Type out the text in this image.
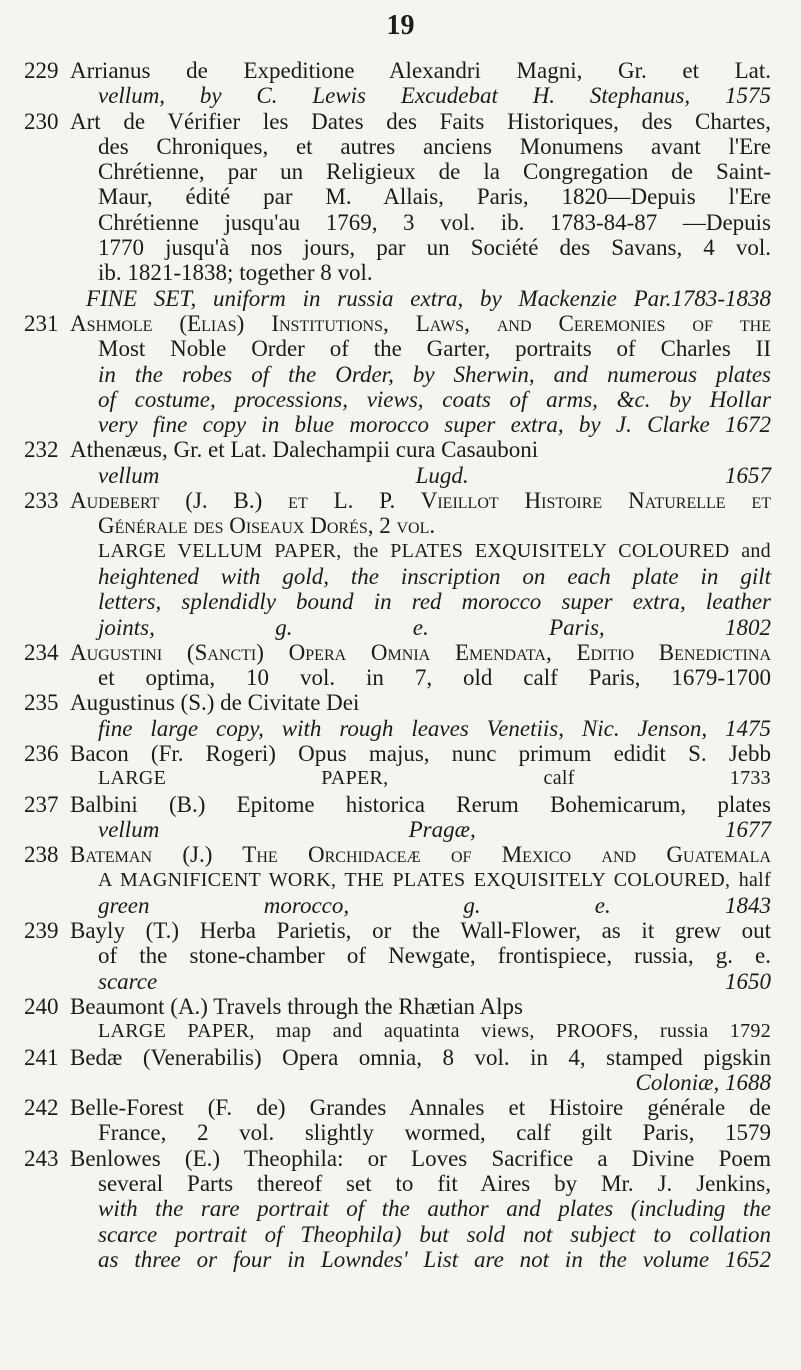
19
229 Arrianus de Expeditione Alexandri Magni, Gr. et Lat.
vellum, by C. Lewis Excudebat H. Stephanus, 1575
230 Art de Vérifier les Dates des Faits Historiques, des Chartes,
des Chroniques, et autres anciens Monumens avant l'Ere
Chrétienne, par un Religieux de la Congregation de Saint-
Maur, édité par M. Allais, Paris, 1820—Depuis l'Ere
Chrétienne jusqu'au 1769, 3 vol. ib. 1783-84-87 —Depuis
1770 jusqu'à nos jours, par un Société des Savans, 4 vol.
ib. 1821-1838; together 8 vol.
FINE SET, uniform in russia extra, by Mackenzie Par.1783-1838
231 Ashmole (Elias) Institutions, Laws, and Ceremonies of the
Most Noble Order of the Garter, portraits of Charles II
in the robes of the Order, by Sherwin, and numerous plates
of costume, processions, views, coats of arms, &c. by Hollar
very fine copy in blue morocco super extra, by J. Clarke 1672
232 Athenæus, Gr. et Lat. Dalechampii cura Casauboni
vellum Lugd. 1657
233 Audebert (J. B.) et L. P. Vieillot Histoire Naturelle et
Générale des Oiseaux Dorés, 2 vol.
LARGE VELLUM PAPER, the PLATES EXQUISITELY COLOURED and
heightened with gold, the inscription on each plate in gilt
letters, splendidly bound in red morocco super extra, leather
joints, g. e. Paris, 1802
234 Augustini (Sancti) Opera Omnia Emendata, Editio Benedictina
et optima, 10 vol. in 7, old calf Paris, 1679-1700
235 Augustinus (S.) de Civitate Dei
fine large copy, with rough leaves Venetiis, Nic. Jenson, 1475
236 Bacon (Fr. Rogeri) Opus majus, nunc primum edidit S. Jebb
LARGE PAPER, calf 1733
237 Balbini (B.) Epitome historica Rerum Bohemicarum, plates
vellum Pragæ, 1677
238 Bateman (J.) The Orchidaceæ of Mexico and Guatemala
A MAGNIFICENT WORK, THE PLATES EXQUISITELY COLOURED, half
green morocco, g. e. 1843
239 Bayly (T.) Herba Parietis, or the Wall-Flower, as it grew out
of the stone-chamber of Newgate, frontispiece, russia, g. e.
scarce 1650
240 Beaumont (A.) Travels through the Rhætian Alps
LARGE PAPER, map and aquatinta views, PROOFS, russia 1792
241 Bedæ (Venerabilis) Opera omnia, 8 vol. in 4, stamped pigskin
Coloniæ, 1688
242 Belle-Forest (F. de) Grandes Annales et Histoire générale de
France, 2 vol. slightly wormed, calf gilt Paris, 1579
243 Benlowes (E.) Theophila: or Loves Sacrifice a Divine Poem
several Parts thereof set to fit Aires by Mr. J. Jenkins,
with the rare portrait of the author and plates (including the
scarce portrait of Theophila) but sold not subject to collation
as three or four in Lowndes' List are not in the volume 1652
